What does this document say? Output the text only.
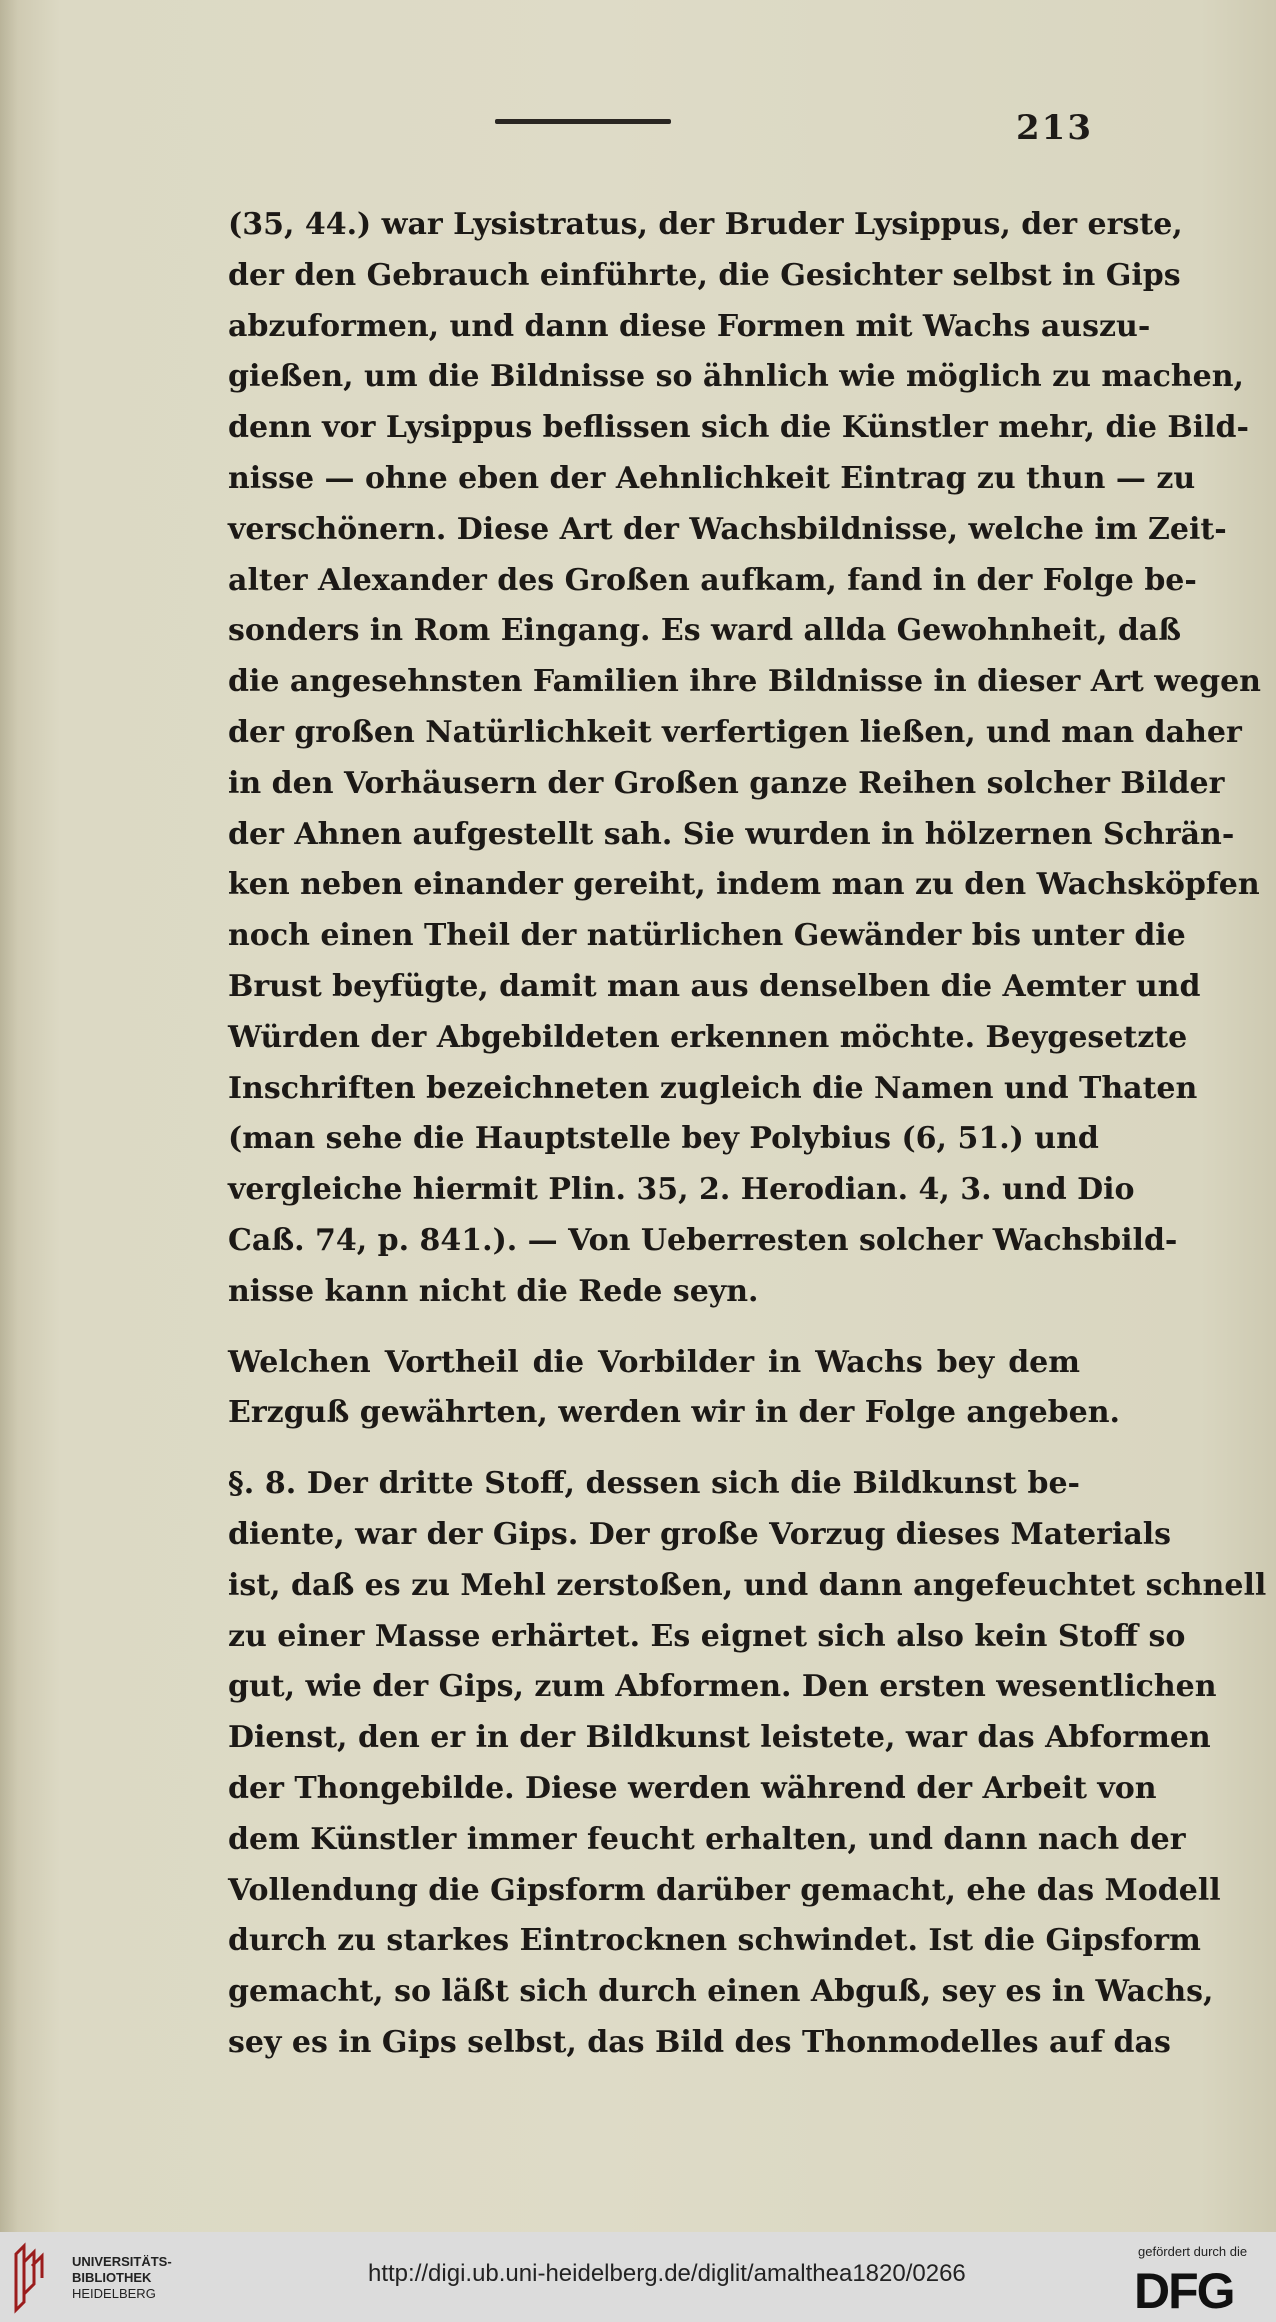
213
(35, 44.) war Lysistratus, der Bruder Lysippus, der erste,
der den Gebrauch einführte, die Gesichter selbst in Gips
abzuformen, und dann diese Formen mit Wachs auszu-
gießen, um die Bildnisse so ähnlich wie möglich zu machen,
denn vor Lysippus beflissen sich die Künstler mehr, die Bild-
nisse — ohne eben der Aehnlichkeit Eintrag zu thun — zu
verschönern. Diese Art der Wachsbildnisse, welche im Zeit-
alter Alexander des Großen aufkam, fand in der Folge be-
sonders in Rom Eingang. Es ward allda Gewohnheit, daß
die angesehnsten Familien ihre Bildnisse in dieser Art wegen
der großen Natürlichkeit verfertigen ließen, und man daher
in den Vorhäusern der Großen ganze Reihen solcher Bilder
der Ahnen aufgestellt sah. Sie wurden in hölzernen Schrän-
ken neben einander gereiht, indem man zu den Wachsköpfen
noch einen Theil der natürlichen Gewänder bis unter die
Brust beyfügte, damit man aus denselben die Aemter und
Würden der Abgebildeten erkennen möchte. Beygesetzte
Inschriften bezeichneten zugleich die Namen und Thaten
(man sehe die Hauptstelle bey Polybius (6, 51.) und
vergleiche hiermit Plin. 35, 2. Herodian. 4, 3. und Dio
Caß. 74, p. 841.). — Von Ueberresten solcher Wachsbild-
nisse kann nicht die Rede seyn.
Welchen Vortheil die Vorbilder in Wachs bey dem
Erzguß gewährten, werden wir in der Folge angeben.
§. 8. Der dritte Stoff, dessen sich die Bildkunst be-
diente, war der Gips. Der große Vorzug dieses Materials
ist, daß es zu Mehl zerstoßen, und dann angefeuchtet schnell
zu einer Masse erhärtet. Es eignet sich also kein Stoff so
gut, wie der Gips, zum Abformen. Den ersten wesentlichen
Dienst, den er in der Bildkunst leistete, war das Abformen
der Thongebilde. Diese werden während der Arbeit von
dem Künstler immer feucht erhalten, und dann nach der
Vollendung die Gipsform darüber gemacht, ehe das Modell
durch zu starkes Eintrocknen schwindet. Ist die Gipsform
gemacht, so läßt sich durch einen Abguß, sey es in Wachs,
sey es in Gips selbst, das Bild des Thonmodelles auf das
UNIVERSITÄTS-
BIBLIOTHEK
HEIDELBERG
http://digi.ub.uni-heidelberg.de/diglit/amalthea1820/0266
gefördert durch die
DFG
